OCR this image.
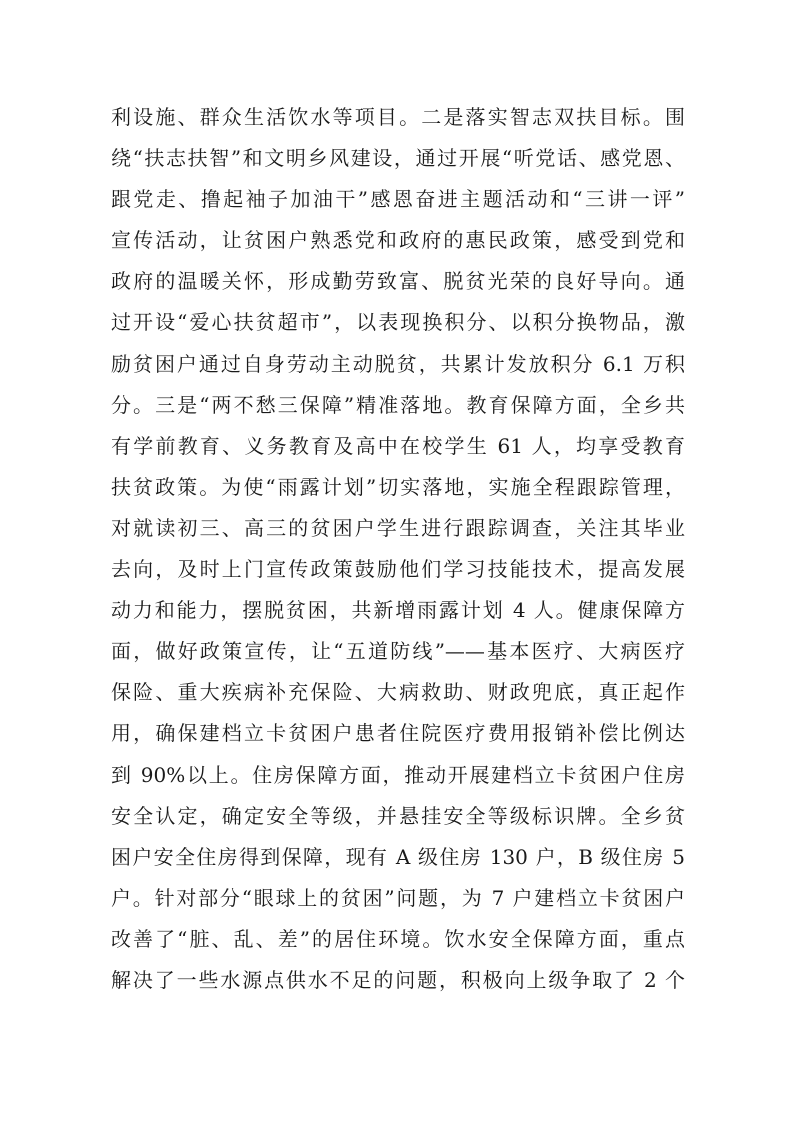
利设施、群众生活饮水等项目。二是落实智志双扶目标。围
绕“扶志扶智”和文明乡风建设，通过开展“听党话、感党恩、
跟党走、撸起袖子加油干”感恩奋进主题活动和“三讲一评”
宣传活动，让贫困户熟悉党和政府的惠民政策，感受到党和
政府的温暖关怀，形成勤劳致富、脱贫光荣的良好导向。通
过开设“爱心扶贫超市”，以表现换积分、以积分换物品，激
励贫困户通过自身劳动主动脱贫，共累计发放积分 6.1 万积
分。三是“两不愁三保障”精准落地。教育保障方面，全乡共
有学前教育、义务教育及高中在校学生 61 人，均享受教育
扶贫政策。为使“雨露计划”切实落地，实施全程跟踪管理，
对就读初三、高三的贫困户学生进行跟踪调查，关注其毕业
去向，及时上门宣传政策鼓励他们学习技能技术，提高发展
动力和能力，摆脱贫困，共新增雨露计划 4 人。健康保障方
面，做好政策宣传，让“五道防线”——基本医疗、大病医疗
保险、重大疾病补充保险、大病救助、财政兜底，真正起作
用，确保建档立卡贫困户患者住院医疗费用报销补偿比例达
到 90%以上。住房保障方面，推动开展建档立卡贫困户住房
安全认定，确定安全等级，并悬挂安全等级标识牌。全乡贫
困户安全住房得到保障，现有 A 级住房 130 户，B 级住房 5
户。针对部分“眼球上的贫困”问题，为 7 户建档立卡贫困户
改善了“脏、乱、差”的居住环境。饮水安全保障方面，重点
解决了一些水源点供水不足的问题，积极向上级争取了 2 个
